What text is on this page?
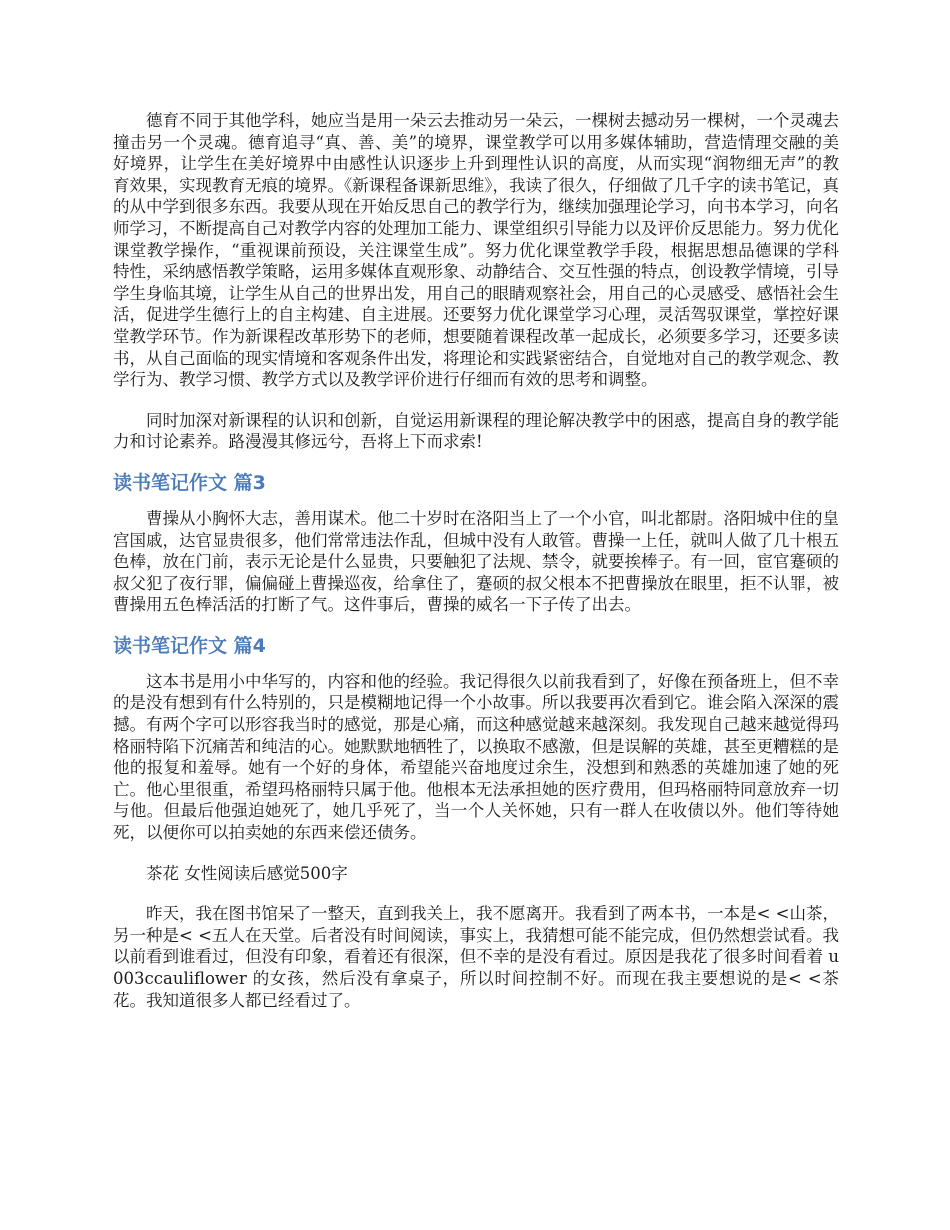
德育不同于其他学科，她应当是用一朵云去推动另一朵云，一棵树去撼动另一棵树，一个灵魂去撞击另一个灵魂。德育追寻“真、善、美”的境界，课堂教学可以用多媒体辅助，营造情理交融的美好境界，让学生在美好境界中由感性认识逐步上升到理性认识的高度，从而实现“润物细无声”的教育效果，实现教育无痕的境界。《新课程备课新思维》，我读了很久，仔细做了几千字的读书笔记，真的从中学到很多东西。我要从现在开始反思自己的教学行为，继续加强理论学习，向书本学习，向名师学习，不断提高自己对教学内容的处理加工能力、课堂组织引导能力以及评价反思能力。努力优化课堂教学操作，“重视课前预设，关注课堂生成”。努力优化课堂教学手段，根据思想品德课的学科特性，采纳感悟教学策略，运用多媒体直观形象、动静结合、交互性强的特点，创设教学情境，引导学生身临其境，让学生从自己的世界出发，用自己的眼睛观察社会，用自己的心灵感受、感悟社会生活，促进学生德行上的自主构建、自主进展。还要努力优化课堂学习心理，灵活驾驭课堂，掌控好课堂教学环节。作为新课程改革形势下的老师，想要随着课程改革一起成长，必须要多学习，还要多读书，从自己面临的现实情境和客观条件出发，将理论和实践紧密结合，自觉地对自己的教学观念、教学行为、教学习惯、教学方式以及教学评价进行仔细而有效的思考和调整。

同时加深对新课程的认识和创新，自觉运用新课程的理论解决教学中的困惑，提高自身的教学能力和讨论素养。路漫漫其修远兮，吾将上下而求索!

读书笔记作文 篇3

曹操从小胸怀大志，善用谋术。他二十岁时在洛阳当上了一个小官，叫北都尉。洛阳城中住的皇宫国戚，达官显贵很多，他们常常违法作乱，但城中没有人敢管。曹操一上任，就叫人做了几十根五色棒，放在门前，表示无论是什么显贵，只要触犯了法规、禁令，就要挨棒子。有一回，宦官蹇硕的叔父犯了夜行罪，偏偏碰上曹操巡夜，给拿住了，蹇硕的叔父根本不把曹操放在眼里，拒不认罪，被曹操用五色棒活活的打断了气。这件事后，曹操的威名一下子传了出去。

读书笔记作文 篇4

这本书是用小中华写的，内容和他的经验。我记得很久以前我看到了，好像在预备班上，但不幸的是没有想到有什么特别的，只是模糊地记得一个小故事。所以我要再次看到它。谁会陷入深深的震撼。有两个字可以形容我当时的感觉，那是心痛，而这种感觉越来越深刻。我发现自己越来越觉得玛格丽特陷下沉痛苦和纯洁的心。她默默地牺牲了，以换取不感激，但是误解的英雄，甚至更糟糕的是他的报复和羞辱。她有一个好的身体，希望能兴奋地度过余生，没想到和熟悉的英雄加速了她的死亡。他心里很重，希望玛格丽特只属于他。他根本无法承担她的医疗费用，但玛格丽特同意放弃一切与他。但最后他强迫她死了，她几乎死了，当一个人关怀她，只有一群人在收债以外。他们等待她死，以便你可以拍卖她的东西来偿还债务。

茶花 女性阅读后感觉500字

昨天，我在图书馆呆了一整天，直到我关上，我不愿离开。我看到了两本书，一本是< <山茶，另一种是< <五人在天堂。后者没有时间阅读，事实上，我猜想可能不能完成，但仍然想尝试看。我以前看到谁看过，但没有印象，看着还有很深，但不幸的是没有看过。原因是我花了很多时间看着 u003ccauliflower 的女孩，然后没有拿桌子，所以时间控制不好。而现在我主要想说的是< <茶花。我知道很多人都已经看过了。
